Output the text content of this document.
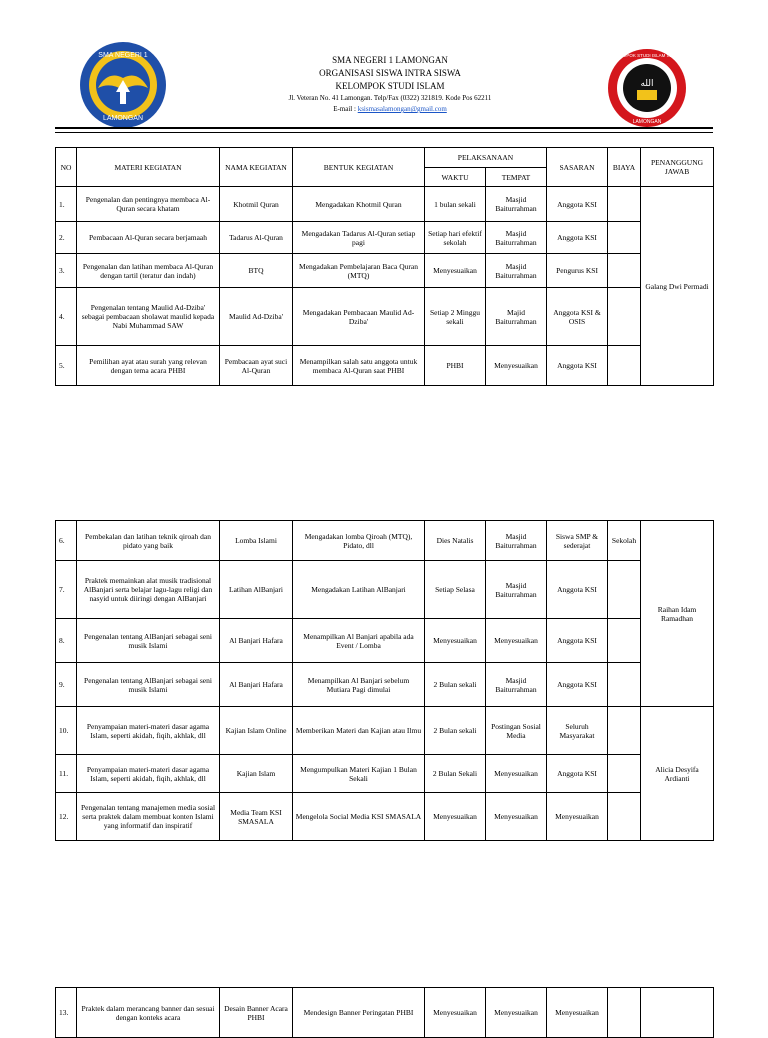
SMA NEGERI 1
LAMONGAN
SMA NEGERI 1 LAMONGAN
ORGANISASI SISWA INTRA SISWA
KELOMPOK STUDI ISLAM
Jl. Veteran No. 41 Lamongan. Telp/Fax (0322) 321819. Kode Pos 62211
E-mail : ksismasalamongan@gmail.com
الله
KELOMPOK STUDI ISLAM SMAN 1
LAMONGAN
NO	MATERI KEGIATAN	NAMA KEGIATAN	BENTUK KEGIATAN	PELAKSANAAN		SASARAN	BIAYA	PENANGGUNG JAWAB
				WAKTU	TEMPAT			
1.	Pengenalan dan pentingnya membaca Al-Quran secara khatam	Khotmil Quran	Mengadakan Khotmil Quran	1 bulan sekali	Masjid Baiturrahman	Anggota KSI		Galang Dwi Permadi
2.	Pembacaan Al-Quran secara berjamaah	Tadarus Al-Quran	Mengadakan Tadarus Al-Quran setiap pagi	Setiap hari efektif sekolah	Masjid Baiturrahman	Anggota KSI		
3.	Pengenalan dan latihan membaca Al-Quran dengan tartil (teratur dan indah)	BTQ	Mengadakan Pembelajaran Baca Quran (MTQ)	Menyesuaikan	Masjid Baiturrahman	Pengurus KSI		
4.	Pengenalan tentang Maulid Ad-Dziba' sebagai pembacaan sholawat maulid kepada Nabi Muhammad SAW	Maulid Ad-Dziba'	Mengadakan Pembacaan Maulid Ad-Dziba'	Setiap 2 Minggu sekali	Majid Baiturrahman	Anggota KSI & OSIS		
5.	Pemilihan ayat atau surah yang relevan dengan tema acara PHBI	Pembacaan ayat suci Al-Quran	Menampilkan salah satu anggota untuk membaca Al-Quran saat PHBI	PHBI	Menyesuaikan	Anggota KSI		
6.	Pembekalan dan latihan teknik qiroah dan pidato yang baik	Lomba Islami	Mengadakan lomba Qiroah (MTQ), Pidato, dll	Dies Natalis	Masjid Baiturrahman	Siswa SMP & sederajat	Sekolah	Raihan Idam Ramadhan
7.	Praktek memainkan alat musik tradisional AlBanjari serta belajar lagu-lagu religi dan nasyid untuk diiringi dengan AlBanjari	Latihan AlBanjari	Mengadakan Latihan AlBanjari	Setiap Selasa	Masjid Baiturrahman	Anggota KSI		
8.	Pengenalan tentang AlBanjari sebagai seni musik Islami	Al Banjari Hafara	Menampilkan Al Banjari apabila ada Event / Lomba	Menyesuaikan	Menyesuaikan	Anggota KSI		
9.	Pengenalan tentang AlBanjari sebagai seni musik Islami	Al Banjari Hafara	Menampilkan Al Banjari sebelum Mutiara Pagi dimulai	2 Bulan sekali	Masjid Baiturrahman	Anggota KSI		
10.	Penyampaian materi-materi dasar agama Islam, seperti akidah, fiqih, akhlak, dll	Kajian Islam Online	Memberikan Materi dan Kajian atau Ilmu	2 Bulan sekali	Postingan Sosial Media	Seluruh Masyarakat		Alicia Desyifa Ardianti
11.	Penyampaian materi-materi dasar agama Islam, seperti akidah, fiqih, akhlak, dll	Kajian Islam	Mengumpulkan Materi Kajian 1 Bulan Sekali	2 Bulan Sekali	Menyesuaikan	Anggota KSI		
12.	Pengenalan tentang manajemen media sosial serta praktek dalam membuat konten Islami yang informatif dan inspiratif	Media Team KSI SMASALA	Mengelola Social Media KSI SMASALA	Menyesuaikan	Menyesuaikan	Menyesuaikan		
13.	Praktek dalam merancang banner dan sesuai dengan konteks acara	Desain Banner Acara PHBI	Mendesign Banner Peringatan PHBI	Menyesuaikan	Menyesuaikan	Menyesuaikan		
